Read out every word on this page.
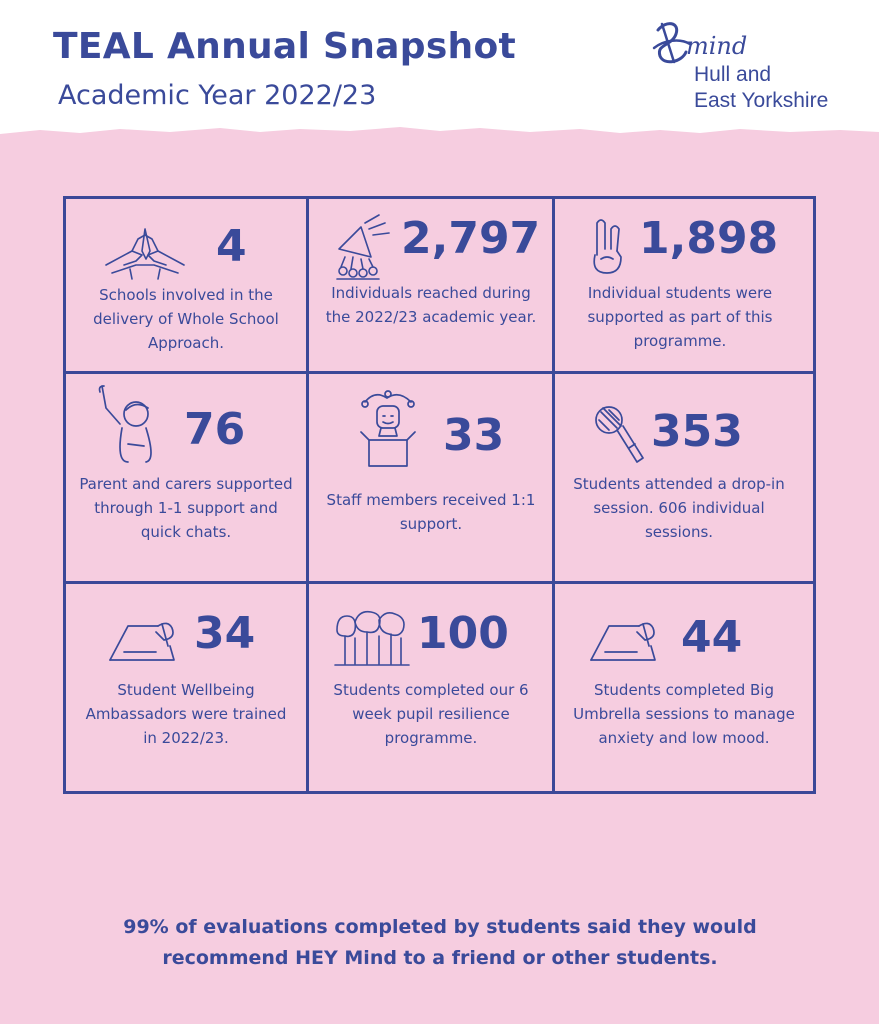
TEAL Annual Snapshot
Academic Year 2022/23
mind
Hull and
East Yorkshire
4
Schools involved in the delivery of Whole School Approach.
2,797
Individuals reached during the 2022/23 academic year.
1,898
Individual students were supported as part of this programme.
76
Parent and carers supported through 1-1 support and quick chats.
33
Staff members received 1:1 support.
353
Students attended a drop-in session. 606 individual sessions.
34
Student Wellbeing Ambassadors were trained in 2022/23.
100
Students completed our 6 week pupil resilience programme.
44
Students completed Big Umbrella sessions to manage anxiety and low mood.

99% of evaluations completed by students said they would recommend HEY Mind to a friend or other students.
